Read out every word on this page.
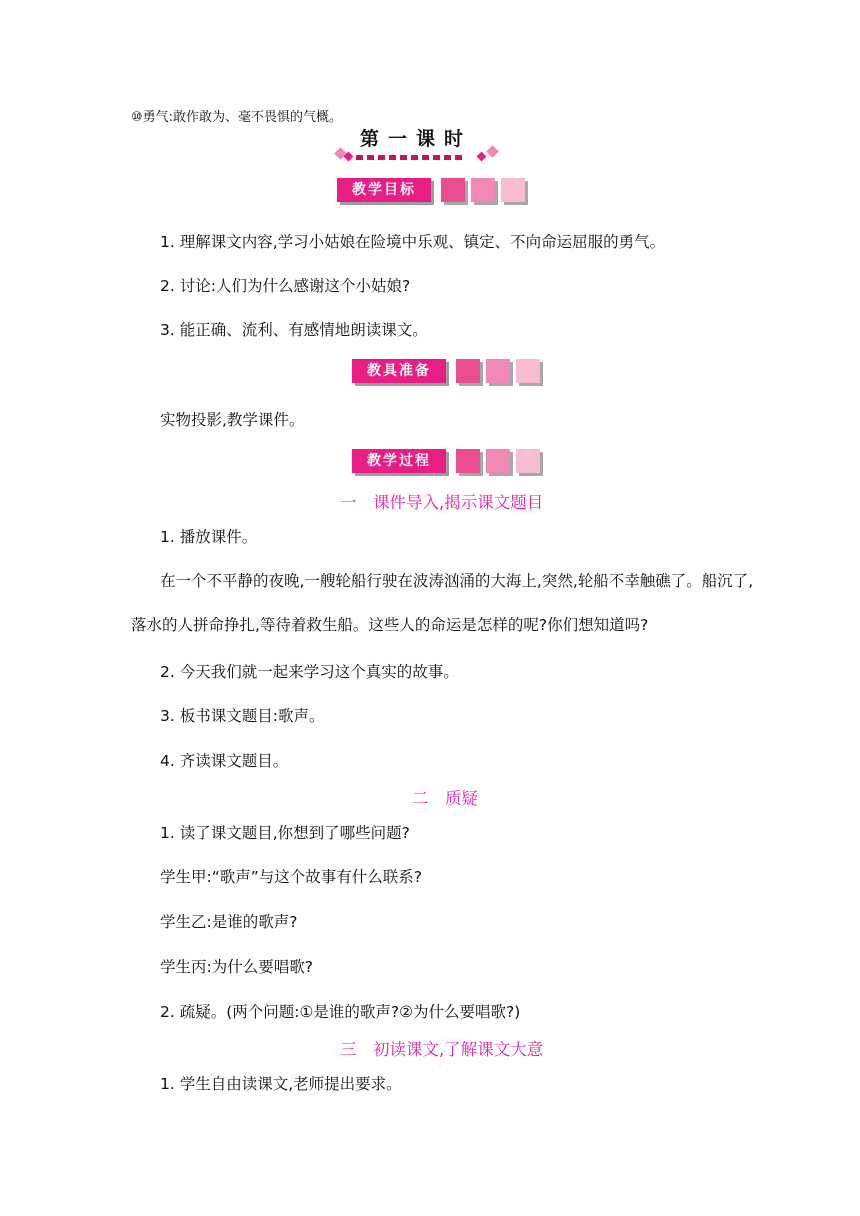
⑩勇气:敢作敢为、毫不畏惧的气概。
第一课时
教学目标
1. 理解课文内容,学习小姑娘在险境中乐观、镇定、不向命运屈服的勇气。
2. 讨论:人们为什么感谢这个小姑娘?
3. 能正确、流利、有感情地朗读课文。
教具准备
实物投影,教学课件。
教学过程
一　课件导入,揭示课文题目
1. 播放课件。
在一个不平静的夜晚,一艘轮船行驶在波涛汹涌的大海上,突然,轮船不幸触礁了。船沉了,
落水的人拼命挣扎,等待着救生船。这些人的命运是怎样的呢?你们想知道吗?
2. 今天我们就一起来学习这个真实的故事。
3. 板书课文题目:歌声。
4. 齐读课文题目。
二　质疑
1. 读了课文题目,你想到了哪些问题?
学生甲:“歌声”与这个故事有什么联系?
学生乙:是谁的歌声?
学生丙:为什么要唱歌?
2. 疏疑。(两个问题:①是谁的歌声?②为什么要唱歌?)
三　初读课文,了解课文大意
1. 学生自由读课文,老师提出要求。
